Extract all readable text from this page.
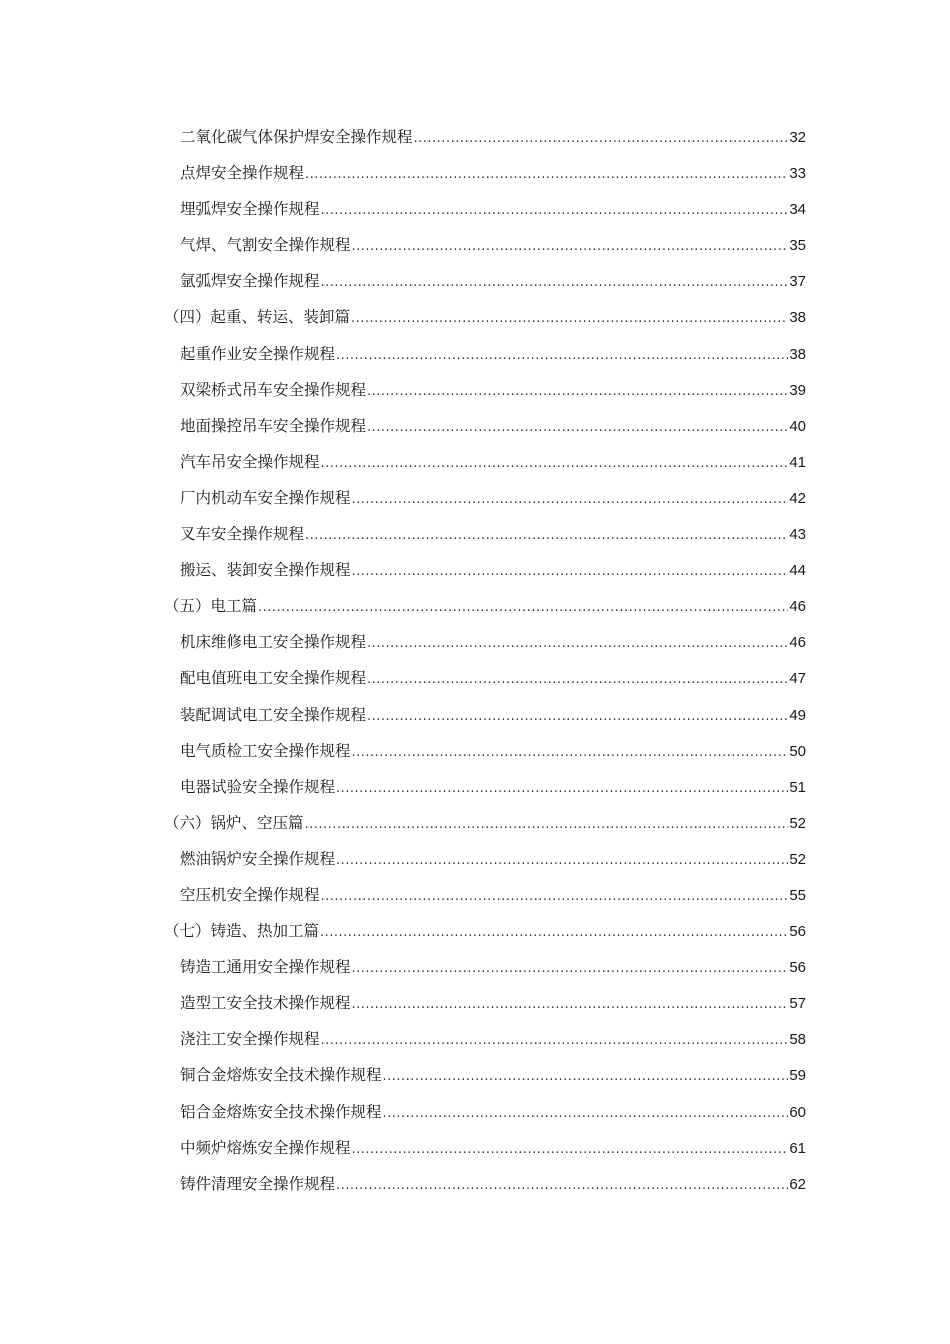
二氧化碳气体保护焊安全操作规程 .....	32
点焊安全操作规程 .....	33
埋弧焊安全操作规程 .....	34
气焊、气割安全操作规程 .....	35
氩弧焊安全操作规程 .....	37
（四）起重、转运、装卸篇 .....	38
起重作业安全操作规程 .....	38
双梁桥式吊车安全操作规程 .....	39
地面操控吊车安全操作规程 .....	40
汽车吊安全操作规程 .....	41
厂内机动车安全操作规程 .....	42
叉车安全操作规程 .....	43
搬运、装卸安全操作规程 .....	44
（五）电工篇 .....	46
机床维修电工安全操作规程 .....	46
配电值班电工安全操作规程 .....	47
装配调试电工安全操作规程 .....	49
电气质检工安全操作规程 .....	50
电器试验安全操作规程 .....	51
（六）锅炉、空压篇 .....	52
燃油锅炉安全操作规程 .....	52
空压机安全操作规程 .....	55
（七）铸造、热加工篇 .....	56
铸造工通用安全操作规程 .....	56
造型工安全技术操作规程 .....	57
浇注工安全操作规程 .....	58
铜合金熔炼安全技术操作规程 .....	59
铝合金熔炼安全技术操作规程 .....	60
中频炉熔炼安全操作规程 .....	61
铸件清理安全操作规程 .....	62
